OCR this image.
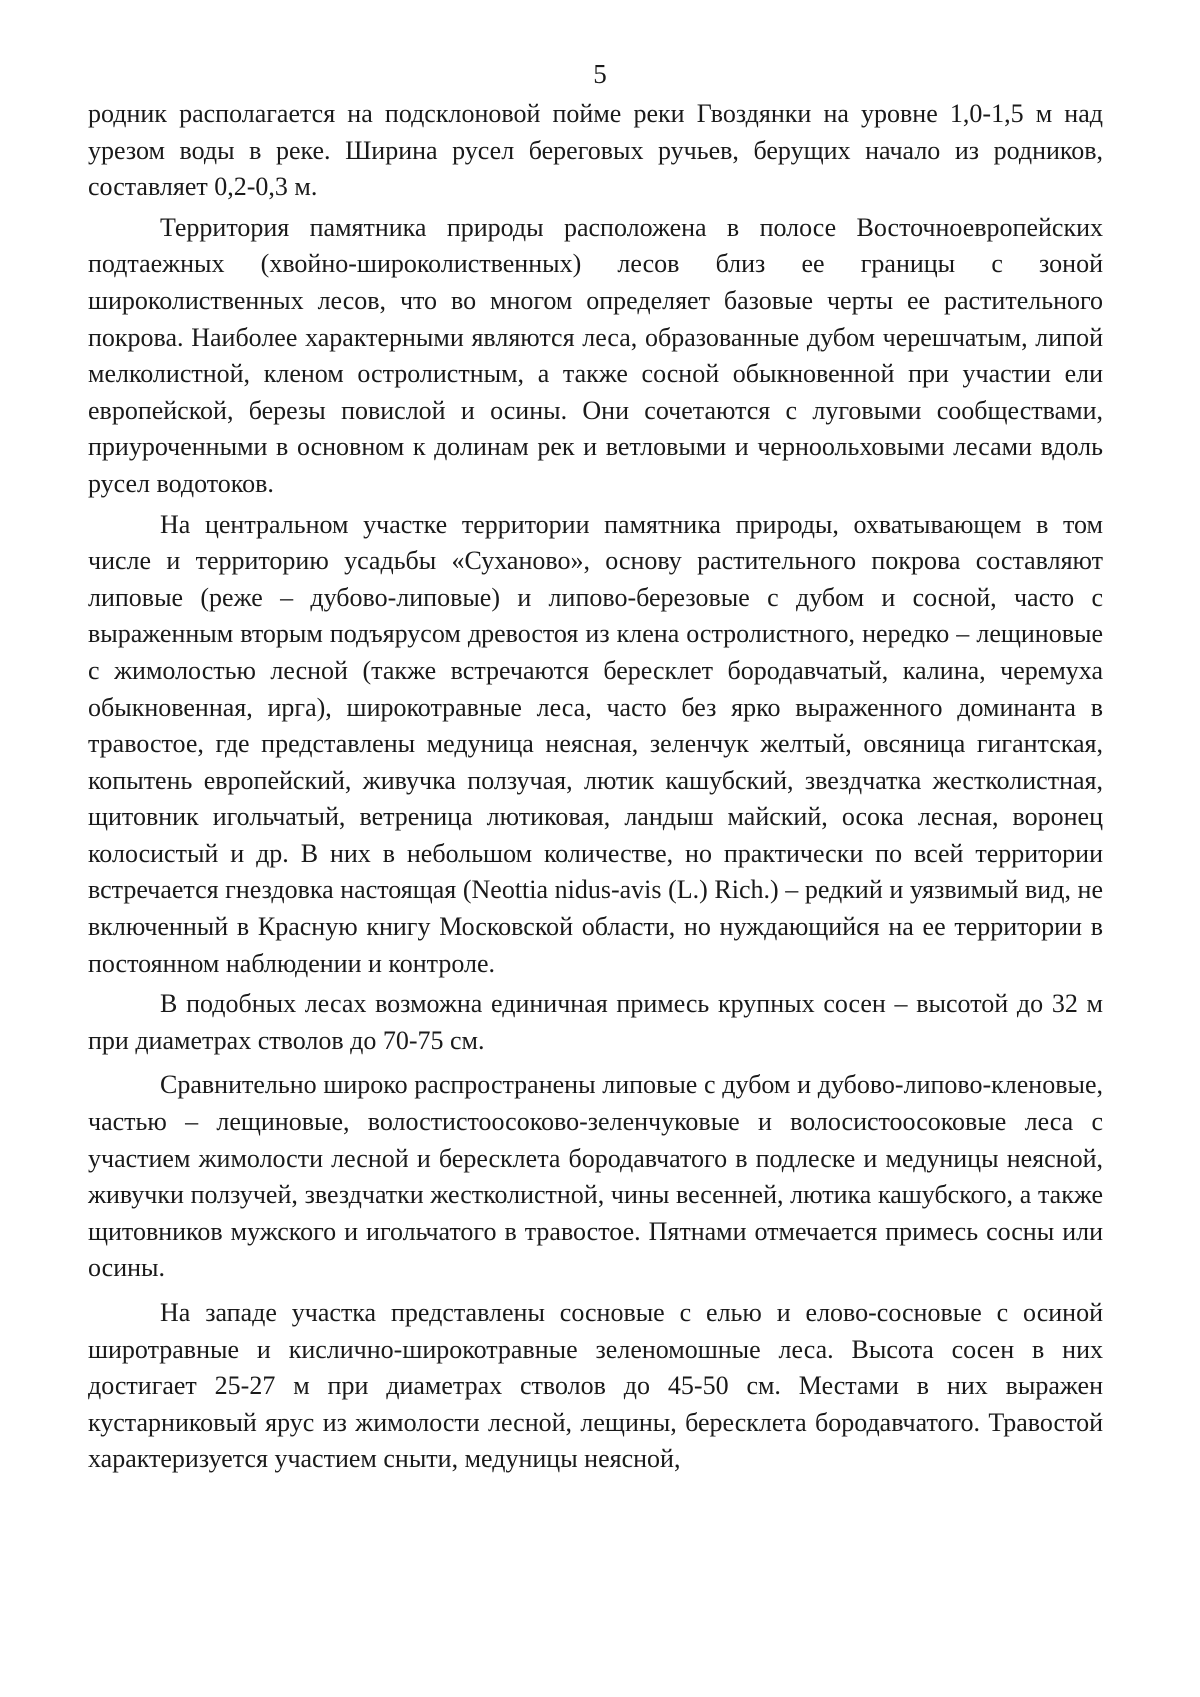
5

родник располагается на подсклоновой пойме реки Гвоздянки на уровне 1,0-1,5 м над урезом воды в реке. Ширина русел береговых ручьев, берущих начало из родников, составляет 0,2-0,3 м.

Территория памятника природы расположена в полосе Восточноевропейских подтаежных (хвойно-широколиственных) лесов близ ее границы с зоной широколиственных лесов, что во многом определяет базовые черты ее растительного покрова. Наиболее характерными являются леса, образованные дубом черешчатым, липой мелколистной, кленом остролистным, а также сосной обыкновенной при участии ели европейской, березы повислой и осины. Они сочетаются с луговыми сообществами, приуроченными в основном к долинам рек и ветловыми и черноольховыми лесами вдоль русел водотоков.

На центральном участке территории памятника природы, охватывающем в том числе и территорию усадьбы «Суханово», основу растительного покрова составляют липовые (реже – дубово-липовые) и липово-березовые с дубом и сосной, часто с выраженным вторым подъярусом древостоя из клена остролистного, нередко – лещиновые с жимолостью лесной (также встречаются бересклет бородавчатый, калина, черемуха обыкновенная, ирга), широкотравные леса, часто без ярко выраженного доминанта в травостое, где представлены медуница неясная, зеленчук желтый, овсяница гигантская, копытень европейский, живучка ползучая, лютик кашубский, звездчатка жестколистная, щитовник игольчатый, ветреница лютиковая, ландыш майский, осока лесная, воронец колосистый и др. В них в небольшом количестве, но практически по всей территории встречается гнездовка настоящая (Neottia nidus-avis (L.) Rich.) – редкий и уязвимый вид, не включенный в Красную книгу Московской области, но нуждающийся на ее территории в постоянном наблюдении и контроле.

В подобных лесах возможна единичная примесь крупных сосен – высотой до 32 м при диаметрах стволов до 70-75 см.

Сравнительно широко распространены липовые с дубом и дубово-липово-кленовые, частью – лещиновые, волостистоосоково-зеленчуковые и волосистоосоковые леса с участием жимолости лесной и бересклета бородавчатого в подлеске и медуницы неясной, живучки ползучей, звездчатки жестколистной, чины весенней, лютика кашубского, а также щитовников мужского и игольчатого в травостое. Пятнами отмечается примесь сосны или осины.

На западе участка представлены сосновые с елью и елово-сосновые с осиной широтравные и кислично-широкотравные зеленомошные леса. Высота сосен в них достигает 25-27 м при диаметрах стволов до 45-50 см. Местами в них выражен кустарниковый ярус из жимолости лесной, лещины, бересклета бородавчатого. Травостой характеризуется участием сныти, медуницы неясной,
